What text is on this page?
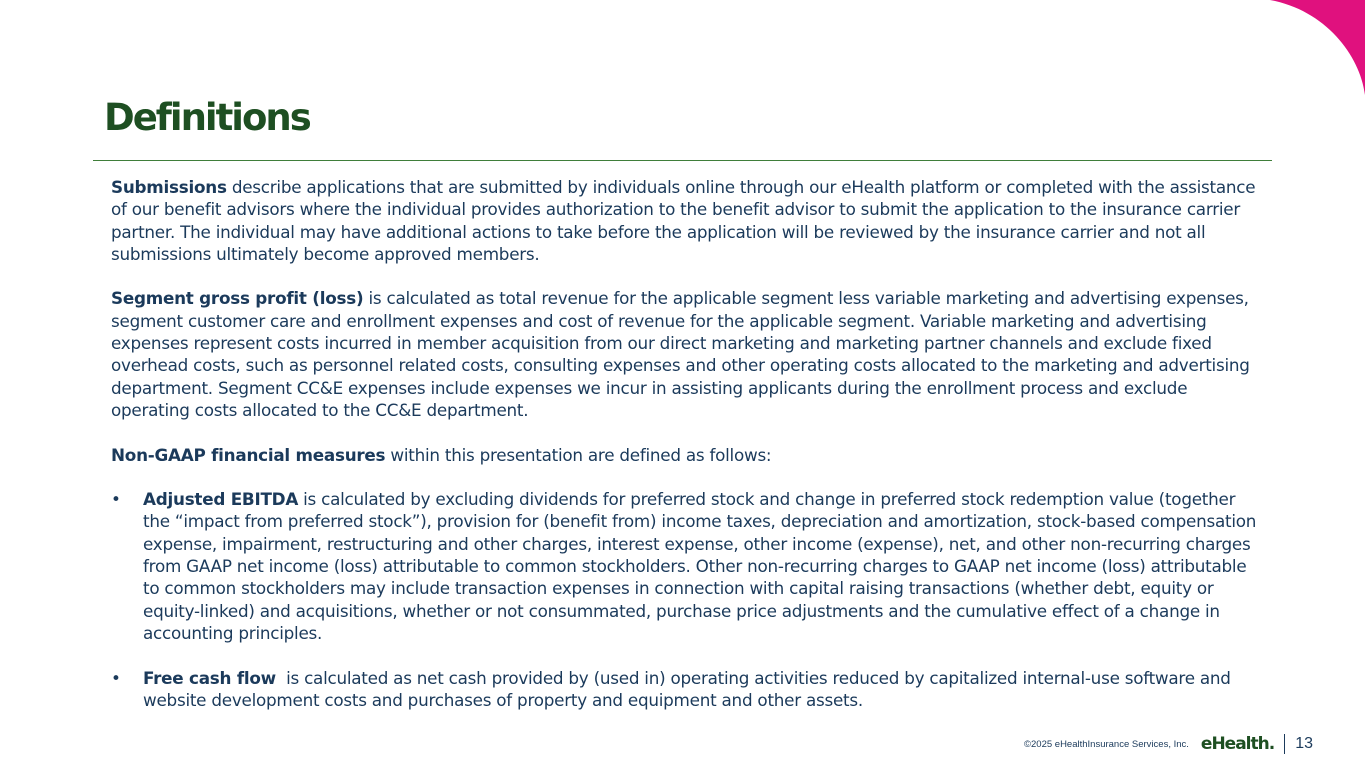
Definitions

Submissions describe applications that are submitted by individuals online through our eHealth platform or completed with the assistance of our benefit advisors where the individual provides authorization to the benefit advisor to submit the application to the insurance carrier partner. The individual may have additional actions to take before the application will be reviewed by the insurance carrier and not all submissions ultimately become approved members.

Segment gross profit (loss) is calculated as total revenue for the applicable segment less variable marketing and advertising expenses, segment customer care and enrollment expenses and cost of revenue for the applicable segment. Variable marketing and advertising expenses represent costs incurred in member acquisition from our direct marketing and marketing partner channels and exclude fixed overhead costs, such as personnel related costs, consulting expenses and other operating costs allocated to the marketing and advertising department. Segment CC&E expenses include expenses we incur in assisting applicants during the enrollment process and exclude operating costs allocated to the CC&E department.

Non-GAAP financial measures within this presentation are defined as follows:

•	Adjusted EBITDA is calculated by excluding dividends for preferred stock and change in preferred stock redemption value (together the “impact from preferred stock”), provision for (benefit from) income taxes, depreciation and amortization, stock-based compensation expense, impairment, restructuring and other charges, interest expense, other income (expense), net, and other non-recurring charges from GAAP net income (loss) attributable to common stockholders. Other non-recurring charges to GAAP net income (loss) attributable to common stockholders may include transaction expenses in connection with capital raising transactions (whether debt, equity or equity-linked) and acquisitions, whether or not consummated, purchase price adjustments and the cumulative effect of a change in accounting principles.
•	Free cash flow  is calculated as net cash provided by (used in) operating activities reduced by capitalized internal-use software and website development costs and purchases of property and equipment and other assets.
©2025 eHealthInsurance Services, Inc. eHealth. 13
